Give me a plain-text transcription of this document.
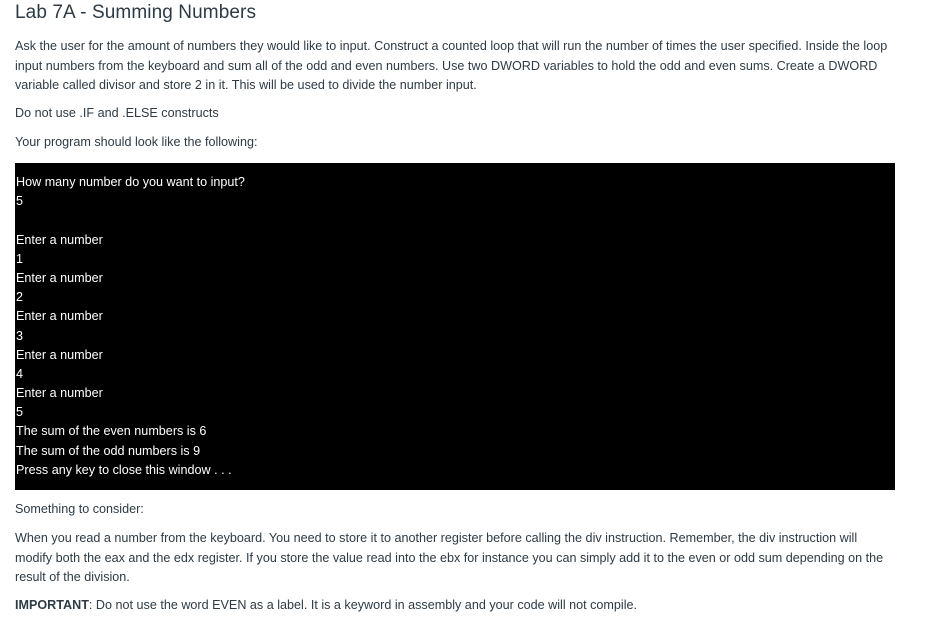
Lab 7A - Summing Numbers

Ask the user for the amount of numbers they would like to input. Construct a counted loop that will run the number of times the user specified. Inside the loop input numbers from the keyboard and sum all of the odd and even numbers. Use two DWORD variables to hold the odd and even sums. Create a DWORD variable called divisor and store 2 in it. This will be used to divide the number input.

Do not use .IF and .ELSE constructs

Your program should look like the following:

How many number do you want to input?
5
Enter a number
1
Enter a number
2
Enter a number
3
Enter a number
4
Enter a number
5
The sum of the even numbers is 6
The sum of the odd numbers is 9
Press any key to close this window . . .

Something to consider:

When you read a number from the keyboard. You need to store it to another register before calling the div instruction. Remember, the div instruction will modify both the eax and the edx register. If you store the value read into the ebx for instance you can simply add it to the even or odd sum depending on the result of the division.

IMPORTANT: Do not use the word EVEN as a label. It is a keyword in assembly and your code will not compile.
